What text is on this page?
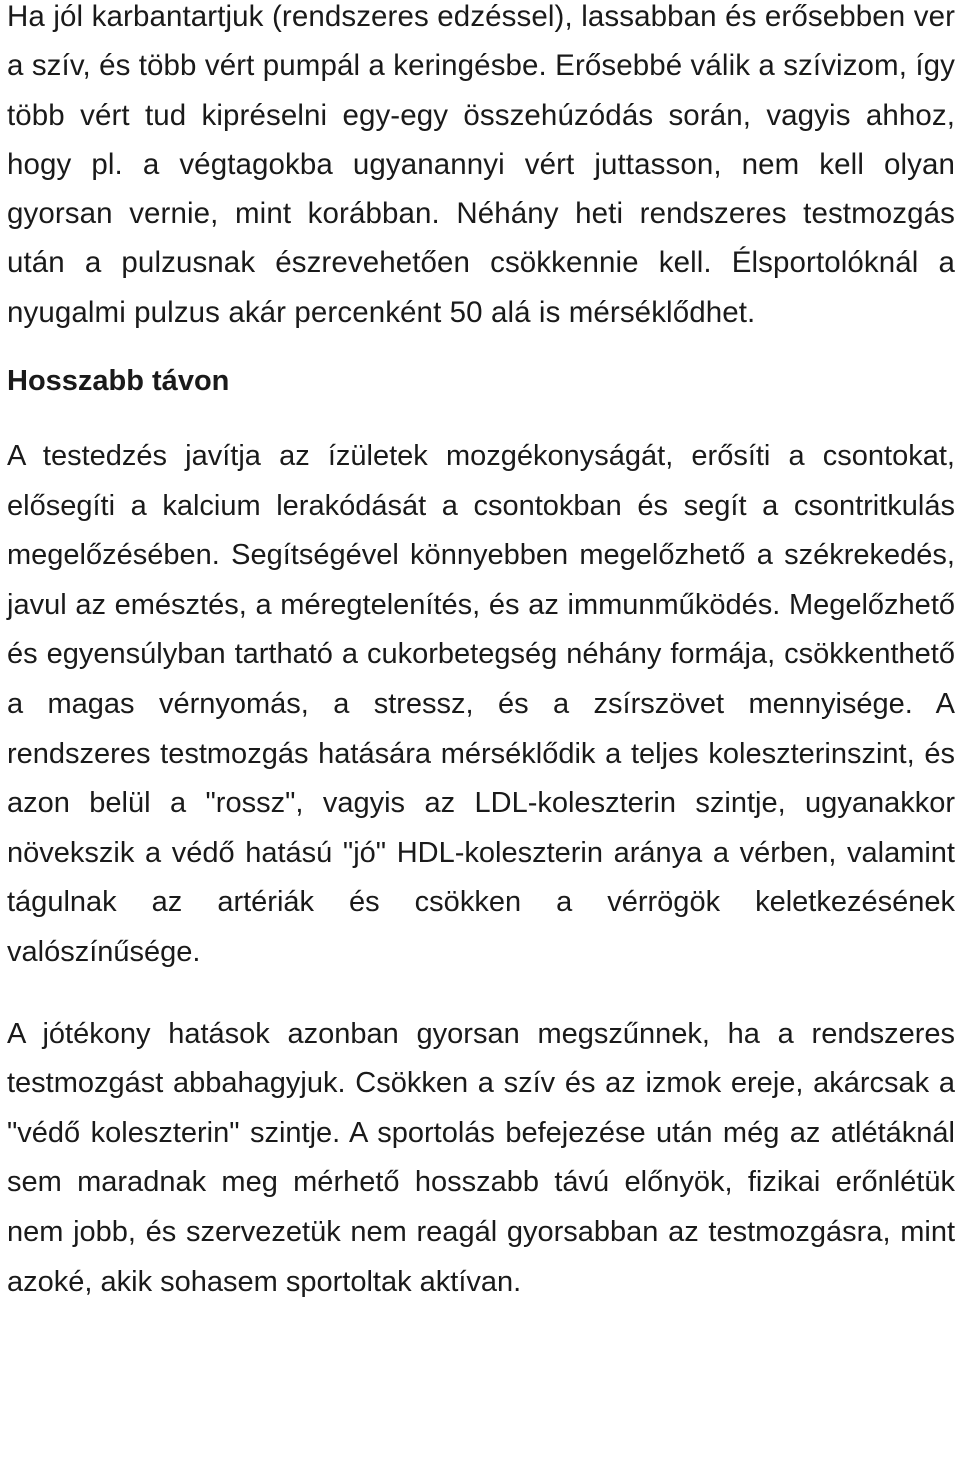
Ha jól karbantartjuk (rendszeres edzéssel), lassabban és erősebben ver a szív, és több vért pumpál a keringésbe. Erősebbé válik a szívizom, így több vért tud kipréselni egy-egy összehúzódás során, vagyis ahhoz, hogy pl. a végtagokba ugyanannyi vért juttasson, nem kell olyan gyorsan vernie, mint korábban. Néhány heti rendszeres testmozgás után a pulzusnak észrevehetően csökkennie kell. Élsportolóknál a nyugalmi pulzus akár percenként 50 alá is mérséklődhet.

Hosszabb távon

A testedzés javítja az ízületek mozgékonyságát, erősíti a csontokat, elősegíti a kalcium lerakódását a csontokban és segít a csontritkulás megelőzésében. Segítségével könnyebben megelőzhető a székrekedés, javul az emésztés, a méregtelenítés, és az immunműködés. Megelőzhető és egyensúlyban tartható a cukorbetegség néhány formája, csökkenthető a magas vérnyomás, a stressz, és a zsírszövet mennyisége. A rendszeres testmozgás hatására mérséklődik a teljes koleszterinszint, és azon belül a "rossz", vagyis az LDL-koleszterin szintje, ugyanakkor növekszik a védő hatású "jó" HDL-koleszterin aránya a vérben, valamint tágulnak az artériák és csökken a vérrögök keletkezésének valószínűsége.

A jótékony hatások azonban gyorsan megszűnnek, ha a rendszeres testmozgást abbahagyjuk. Csökken a szív és az izmok ereje, akárcsak a "védő koleszterin" szintje. A sportolás befejezése után még az atlétáknál sem maradnak meg mérhető hosszabb távú előnyök, fizikai erőnlétük nem jobb, és szervezetük nem reagál gyorsabban az testmozgásra, mint azoké, akik sohasem sportoltak aktívan.
